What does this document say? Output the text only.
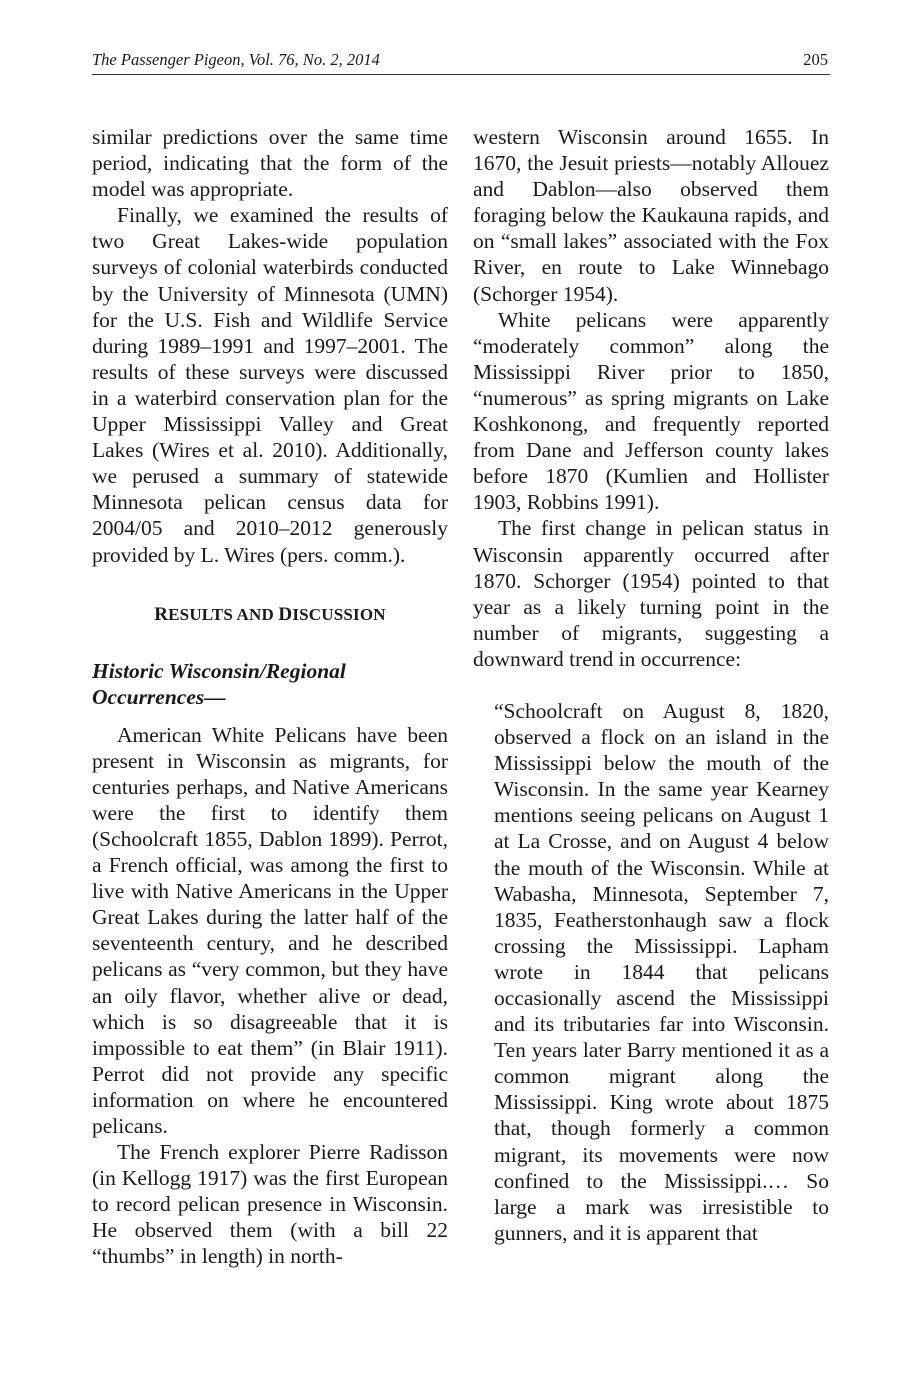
The Passenger Pigeon, Vol. 76, No. 2, 2014	205

similar predictions over the same time period, indicating that the form of the model was appropriate.

Finally, we examined the results of two Great Lakes-wide population surveys of colonial waterbirds conducted by the University of Minnesota (UMN) for the U.S. Fish and Wildlife Service during 1989–1991 and 1997–2001. The results of these surveys were discussed in a waterbird conservation plan for the Upper Mississippi Valley and Great Lakes (Wires et al. 2010). Additionally, we perused a summary of statewide Minnesota pelican census data for 2004/05 and 2010–2012 generously provided by L. Wires (pers. comm.).

RESULTS AND DISCUSSION

Historic Wisconsin/Regional Occurrences—

American White Pelicans have been present in Wisconsin as migrants, for centuries perhaps, and Native Americans were the first to identify them (Schoolcraft 1855, Dablon 1899). Perrot, a French official, was among the first to live with Native Americans in the Upper Great Lakes during the latter half of the seventeenth century, and he described pelicans as “very common, but they have an oily flavor, whether alive or dead, which is so disagreeable that it is impossible to eat them” (in Blair 1911). Perrot did not provide any specific information on where he encountered pelicans.

The French explorer Pierre Radisson (in Kellogg 1917) was the first European to record pelican presence in Wisconsin. He observed them (with a bill 22 “thumbs” in length) in north-

western Wisconsin around 1655. In 1670, the Jesuit priests—notably Allouez and Dablon—also observed them foraging below the Kaukauna rapids, and on “small lakes” associated with the Fox River, en route to Lake Winnebago (Schorger 1954).

White pelicans were apparently “moderately common” along the Mississippi River prior to 1850, “numerous” as spring migrants on Lake Koshkonong, and frequently reported from Dane and Jefferson county lakes before 1870 (Kumlien and Hollister 1903, Robbins 1991).

The first change in pelican status in Wisconsin apparently occurred after 1870. Schorger (1954) pointed to that year as a likely turning point in the number of migrants, suggesting a downward trend in occurrence:

“Schoolcraft on August 8, 1820, observed a flock on an island in the Mississippi below the mouth of the Wisconsin. In the same year Kearney mentions seeing pelicans on August 1 at La Crosse, and on August 4 below the mouth of the Wisconsin. While at Wabasha, Minnesota, September 7, 1835, Featherstonhaugh saw a flock crossing the Mississippi. Lapham wrote in 1844 that pelicans occasionally ascend the Mississippi and its tributaries far into Wisconsin. Ten years later Barry mentioned it as a common migrant along the Mississippi. King wrote about 1875 that, though formerly a common migrant, its movements were now confined to the Mississippi.… So large a mark was irresistible to gunners, and it is apparent that
